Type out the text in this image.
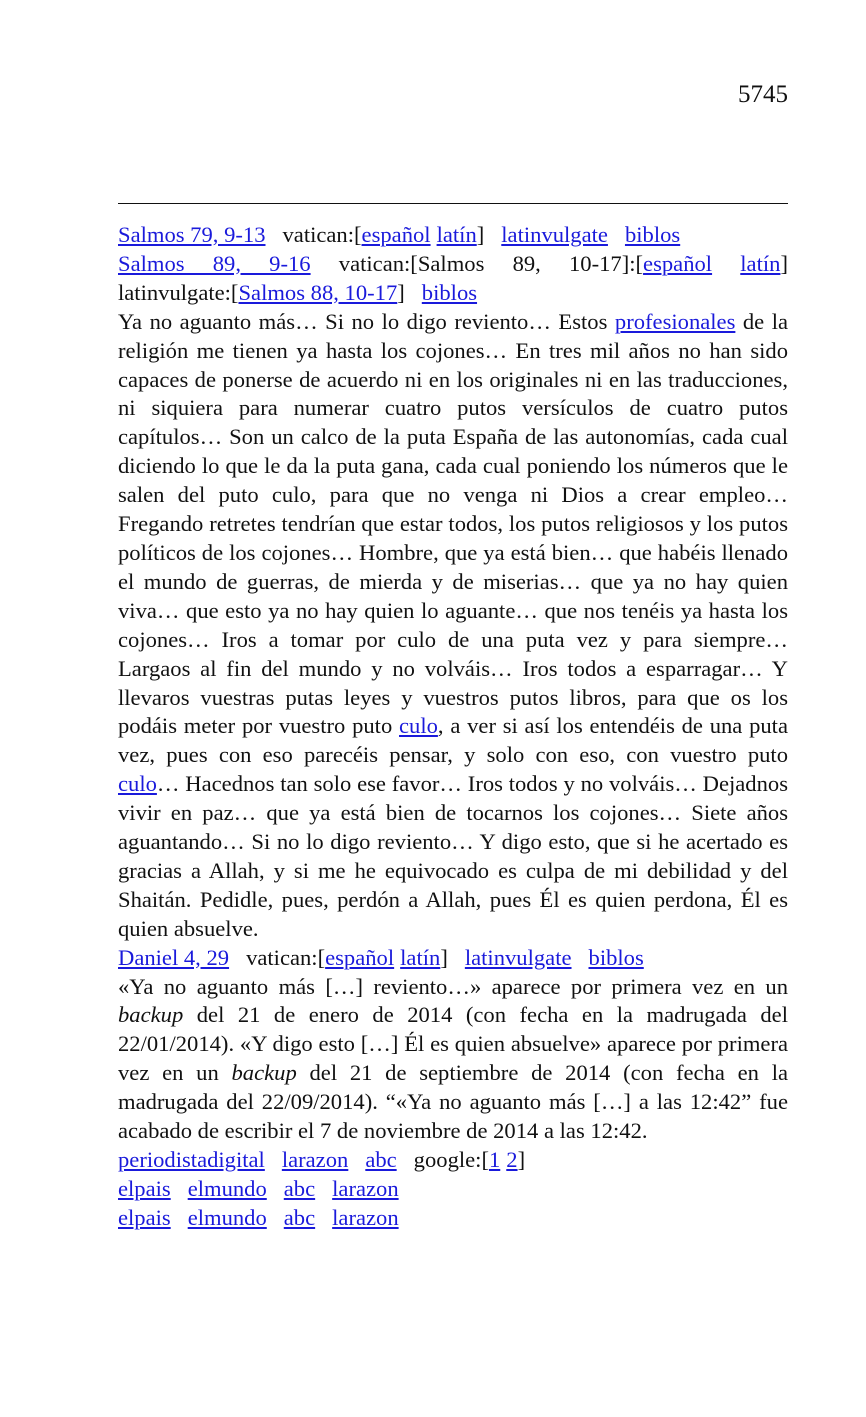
5745
Salmos 79, 9-13 vatican:[español latín] latinvulgate biblos
Salmos 89, 9-16 vatican:[Salmos 89, 10-17]:[español latín]
latinvulgate:[Salmos 88, 10-17] biblos

Ya no aguanto más… Si no lo digo reviento… Estos profesionales de la religión me tienen ya hasta los cojones… En tres mil años no han sido capaces de ponerse de acuerdo ni en los originales ni en las traducciones, ni siquiera para numerar cuatro putos versículos de cuatro putos capítulos… Son un calco de la puta España de las autonomías, cada cual diciendo lo que le da la puta gana, cada cual poniendo los números que le salen del puto culo, para que no venga ni Dios a crear empleo… Fregando retretes tendrían que estar todos, los putos religiosos y los putos políticos de los cojones… Hombre, que ya está bien… que habéis llenado el mundo de guerras, de mierda y de miserias… que ya no hay quien viva… que esto ya no hay quien lo aguante… que nos tenéis ya hasta los cojones… Iros a tomar por culo de una puta vez y para siempre… Largaos al fin del mundo y no volváis… Iros todos a esparragar… Y llevaros vuestras putas leyes y vuestros putos libros, para que os los podáis meter por vuestro puto culo, a ver si así los entendéis de una puta vez, pues con eso parecéis pensar, y solo con eso, con vuestro puto culo… Hacednos tan solo ese favor… Iros todos y no volváis… Dejadnos vivir en paz… que ya está bien de tocarnos los cojones… Siete años aguantando… Si no lo digo reviento… Y digo esto, que si he acertado es gracias a Allah, y si me he equivocado es culpa de mi debilidad y del Shaitán. Pedidle, pues, perdón a Allah, pues Él es quien perdona, Él es quien absuelve.

Daniel 4, 29 vatican:[español latín] latinvulgate biblos

«Ya no aguanto más […] reviento…» aparece por primera vez en un backup del 21 de enero de 2014 (con fecha en la madrugada del 22/01/2014). «Y digo esto […] Él es quien absuelve» aparece por primera vez en un backup del 21 de septiembre de 2014 (con fecha en la madrugada del 22/09/2014). “«Ya no aguanto más […] a las 12:42” fue acabado de escribir el 7 de noviembre de 2014 a las 12:42.

periodistadigital larazon abc google:[1 2]
elpais elmundo abc larazon
elpais elmundo abc larazon
